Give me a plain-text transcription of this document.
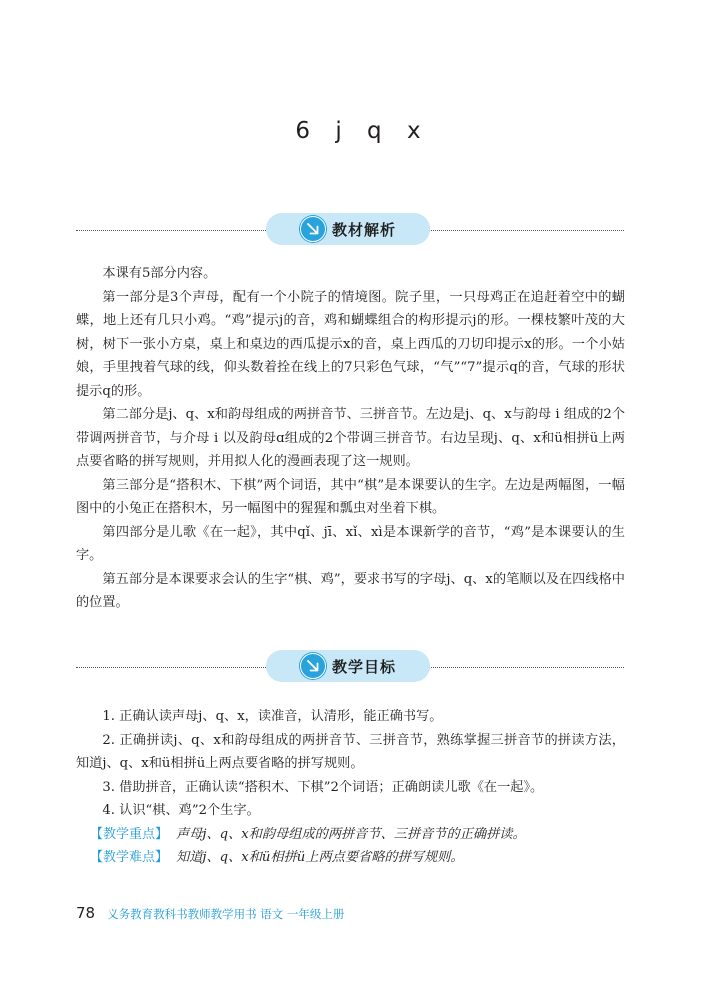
6 j q x
教材解析

本课有5部分内容。

第一部分是3个声母，配有一个小院子的情境图。院子里，一只母鸡正在追赶着空中的蝴蝶，地上还有几只小鸡。“鸡”提示j的音，鸡和蝴蝶组合的构形提示j的形。一棵枝繁叶茂的大树，树下一张小方桌，桌上和桌边的西瓜提示x的音，桌上西瓜的刀切印提示x的形。一个小姑娘，手里拽着气球的线，仰头数着拴在线上的7只彩色气球，“气”“7”提示q的音，气球的形状提示q的形。

第二部分是j、q、x和韵母组成的两拼音节、三拼音节。左边是j、q、x与韵母 i 组成的2个带调两拼音节，与介母 i 以及韵母ɑ组成的2个带调三拼音节。右边呈现j、q、x和ü相拼ü上两点要省略的拼写规则，并用拟人化的漫画表现了这一规则。

第三部分是“搭积木、下棋”两个词语，其中“棋”是本课要认的生字。左边是两幅图，一幅图中的小兔正在搭积木，另一幅图中的猩猩和瓢虫对坐着下棋。

第四部分是儿歌《在一起》，其中qǐ、jī、xǐ、xì是本课新学的音节，“鸡”是本课要认的生字。

第五部分是本课要求会认的生字“棋、鸡”，要求书写的字母j、q、x的笔顺以及在四线格中的位置。

教学目标

1. 正确认读声母j、q、x，读准音，认清形，能正确书写。

2. 正确拼读j、q、x和韵母组成的两拼音节、三拼音节，熟练掌握三拼音节的拼读方法，知道j、q、x和ü相拼ü上两点要省略的拼写规则。

3. 借助拼音，正确认读“搭积木、下棋”2个词语；正确朗读儿歌《在一起》。

4. 认识“棋、鸡”2个生字。

【教学重点】 声母j、q、x和韵母组成的两拼音节、三拼音节的正确拼读。

【教学难点】 知道j、q、x和ü相拼ü上两点要省略的拼写规则。

78 义务教育教科书教师教学用书 语文 一年级上册
